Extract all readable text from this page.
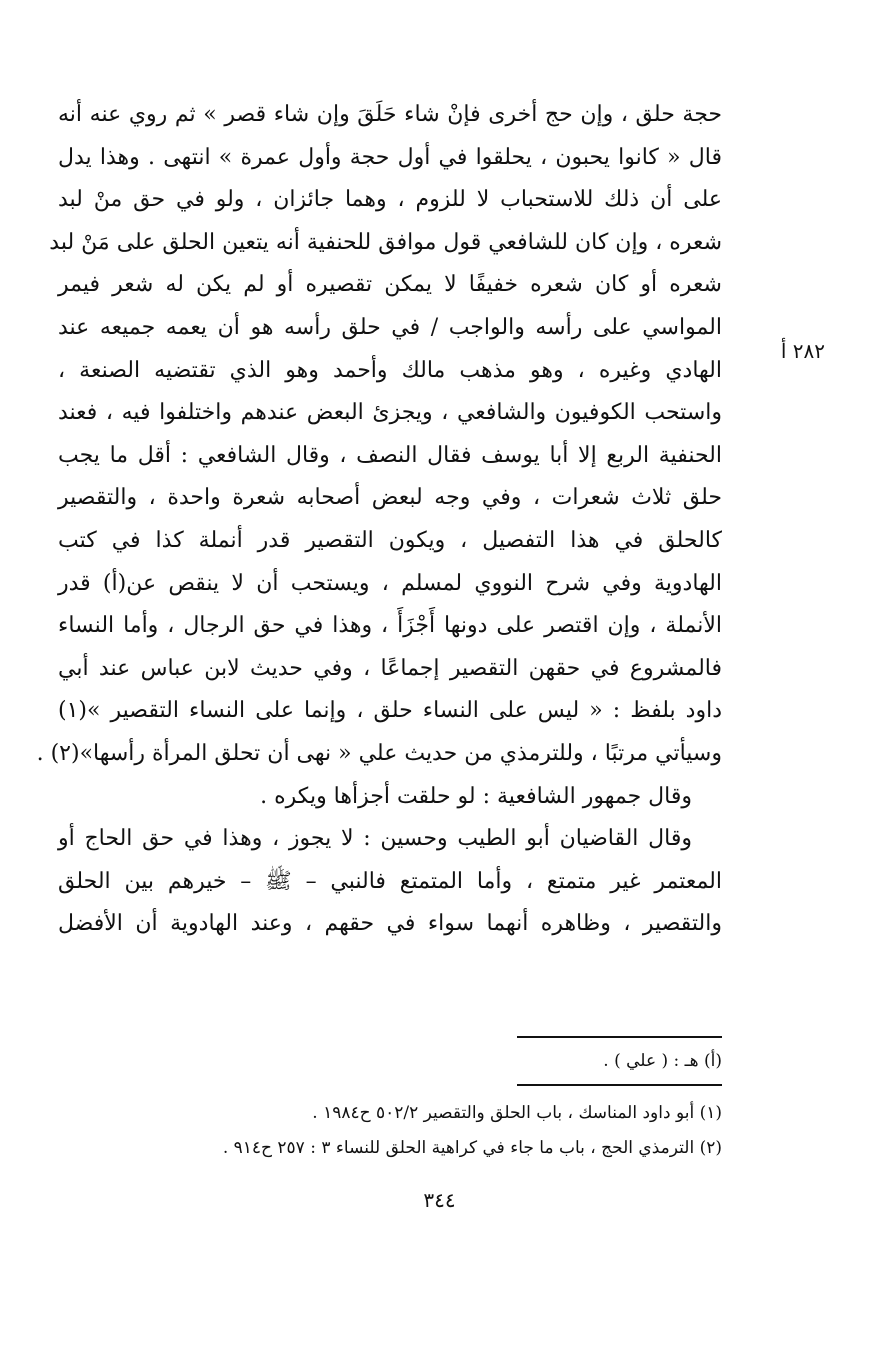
٢٨٢ أ
حجة حلق ، وإن حج أخرى فإنْ شاء حَلَقَ وإن شاء قصر » ثم روي عنه أنه
قال « كانوا يحبون ، يحلقوا في أول حجة وأول عمرة » انتهى . وهذا يدل
على أن ذلك للاستحباب لا للزوم ، وهما جائزان ، ولو في حق منْ لبد
شعره ، وإن كان للشافعي قول موافق للحنفية أنه يتعين الحلق على مَنْ لبد
شعره أو كان شعره خفيفًا لا يمكن تقصيره أو لم يكن له شعر فيمر
المواسي على رأسه والواجب / في حلق رأسه هو أن يعمه جميعه عند
الهادي وغيره ، وهو مذهب مالك وأحمد وهو الذي تقتضيه الصنعة ،
واستحب الكوفيون والشافعي ، ويجزئ البعض عندهم واختلفوا فيه ، فعند
الحنفية الربع إلا أبا يوسف فقال النصف ، وقال الشافعي : أقل ما يجب
حلق ثلاث شعرات ، وفي وجه لبعض أصحابه شعرة واحدة ، والتقصير
كالحلق في هذا التفصيل ، ويكون التقصير قدر أنملة كذا في كتب
الهادوية وفي شرح النووي لمسلم ، ويستحب أن لا ينقص عن(أ) قدر
الأنملة ، وإن اقتصر على دونها أَجْزَأَ ، وهذا في حق الرجال ، وأما النساء
فالمشروع في حقهن التقصير إجماعًا ، وفي حديث لابن عباس عند أبي
داود بلفظ : « ليس على النساء حلق ، وإنما على النساء التقصير »(١)
وسيأتي مرتبًا ، وللترمذي من حديث علي « نهى أن تحلق المرأة رأسها»(٢) .
وقال جمهور الشافعية : لو حلقت أجزأها ويكره .
وقال القاضيان أبو الطيب وحسين : لا يجوز ، وهذا في حق الحاج أو
المعتمر غير متمتع ، وأما المتمتع فالنبي – ﷺ – خيرهم بين الحلق
والتقصير ، وظاهره أنهما سواء في حقهم ، وعند الهادوية أن الأفضل
(أ) هـ : ( علي ) .
(١) أبو داود المناسك ، باب الحلق والتقصير ٥٠٢/٢ ح١٩٨٤ .
(٢) الترمذي الحج ، باب ما جاء في كراهية الحلق للنساء ٣ : ٢٥٧ ح٩١٤ .
٣٤٤
